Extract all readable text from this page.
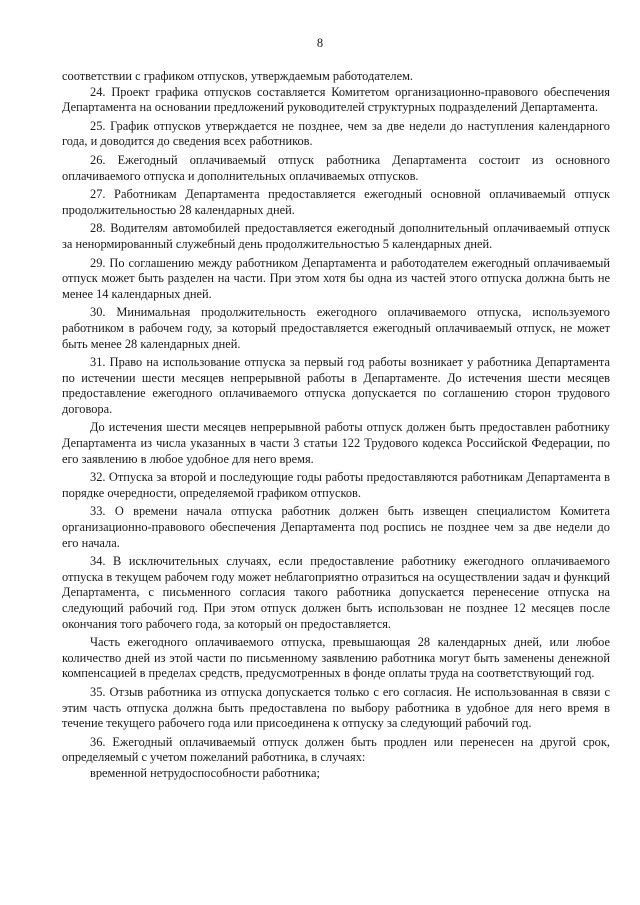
8

соответствии с графиком отпусков, утверждаемым работодателем.

24. Проект графика отпусков составляется Комитетом организационно-правового обеспечения Департамента на основании предложений руководителей структурных подразделений Департамента.

25. График отпусков утверждается не позднее, чем за две недели до наступления календарного года, и доводится до сведения всех работников.

26. Ежегодный оплачиваемый отпуск работника Департамента состоит из основного оплачиваемого отпуска и дополнительных оплачиваемых отпусков.

27. Работникам Департамента предоставляется ежегодный основной оплачиваемый отпуск продолжительностью 28 календарных дней.

28. Водителям автомобилей предоставляется ежегодный дополнительный оплачиваемый отпуск за ненормированный служебный день продолжительностью 5 календарных дней.

29. По соглашению между работником Департамента и работодателем ежегодный оплачиваемый отпуск может быть разделен на части. При этом хотя бы одна из частей этого отпуска должна быть не менее 14 календарных дней.

30. Минимальная продолжительность ежегодного оплачиваемого отпуска, используемого работником в рабочем году, за который предоставляется ежегодный оплачиваемый отпуск, не может быть менее 28 календарных дней.

31. Право на использование отпуска за первый год работы возникает у работника Департамента по истечении шести месяцев непрерывной работы в Департаменте. До истечения шести месяцев предоставление ежегодного оплачиваемого отпуска допускается по соглашению сторон трудового договора.

До истечения шести месяцев непрерывной работы отпуск должен быть предоставлен работнику Департамента из числа указанных в части 3 статьи 122 Трудового кодекса Российской Федерации, по его заявлению в любое удобное для него время.

32. Отпуска за второй и последующие годы работы предоставляются работникам Департамента в порядке очередности, определяемой графиком отпусков.

33. О времени начала отпуска работник должен быть извещен специалистом Комитета организационно-правового обеспечения Департамента под роспись не позднее чем за две недели до его начала.

34. В исключительных случаях, если предоставление работнику ежегодного оплачиваемого отпуска в текущем рабочем году может неблагоприятно отразиться на осуществлении задач и функций Департамента, с письменного согласия такого работника допускается перенесение отпуска на следующий рабочий год. При этом отпуск должен быть использован не позднее 12 месяцев после окончания того рабочего года, за который он предоставляется.

Часть ежегодного оплачиваемого отпуска, превышающая 28 календарных дней, или любое количество дней из этой части по письменному заявлению работника могут быть заменены денежной компенсацией в пределах средств, предусмотренных в фонде оплаты труда на соответствующий год.

35. Отзыв работника из отпуска допускается только с его согласия. Не использованная в связи с этим часть отпуска должна быть предоставлена по выбору работника в удобное для него время в течение текущего рабочего года или присоединена к отпуску за следующий рабочий год.

36. Ежегодный оплачиваемый отпуск должен быть продлен или перенесен на другой срок, определяемый с учетом пожеланий работника, в случаях:

временной нетрудоспособности работника;
